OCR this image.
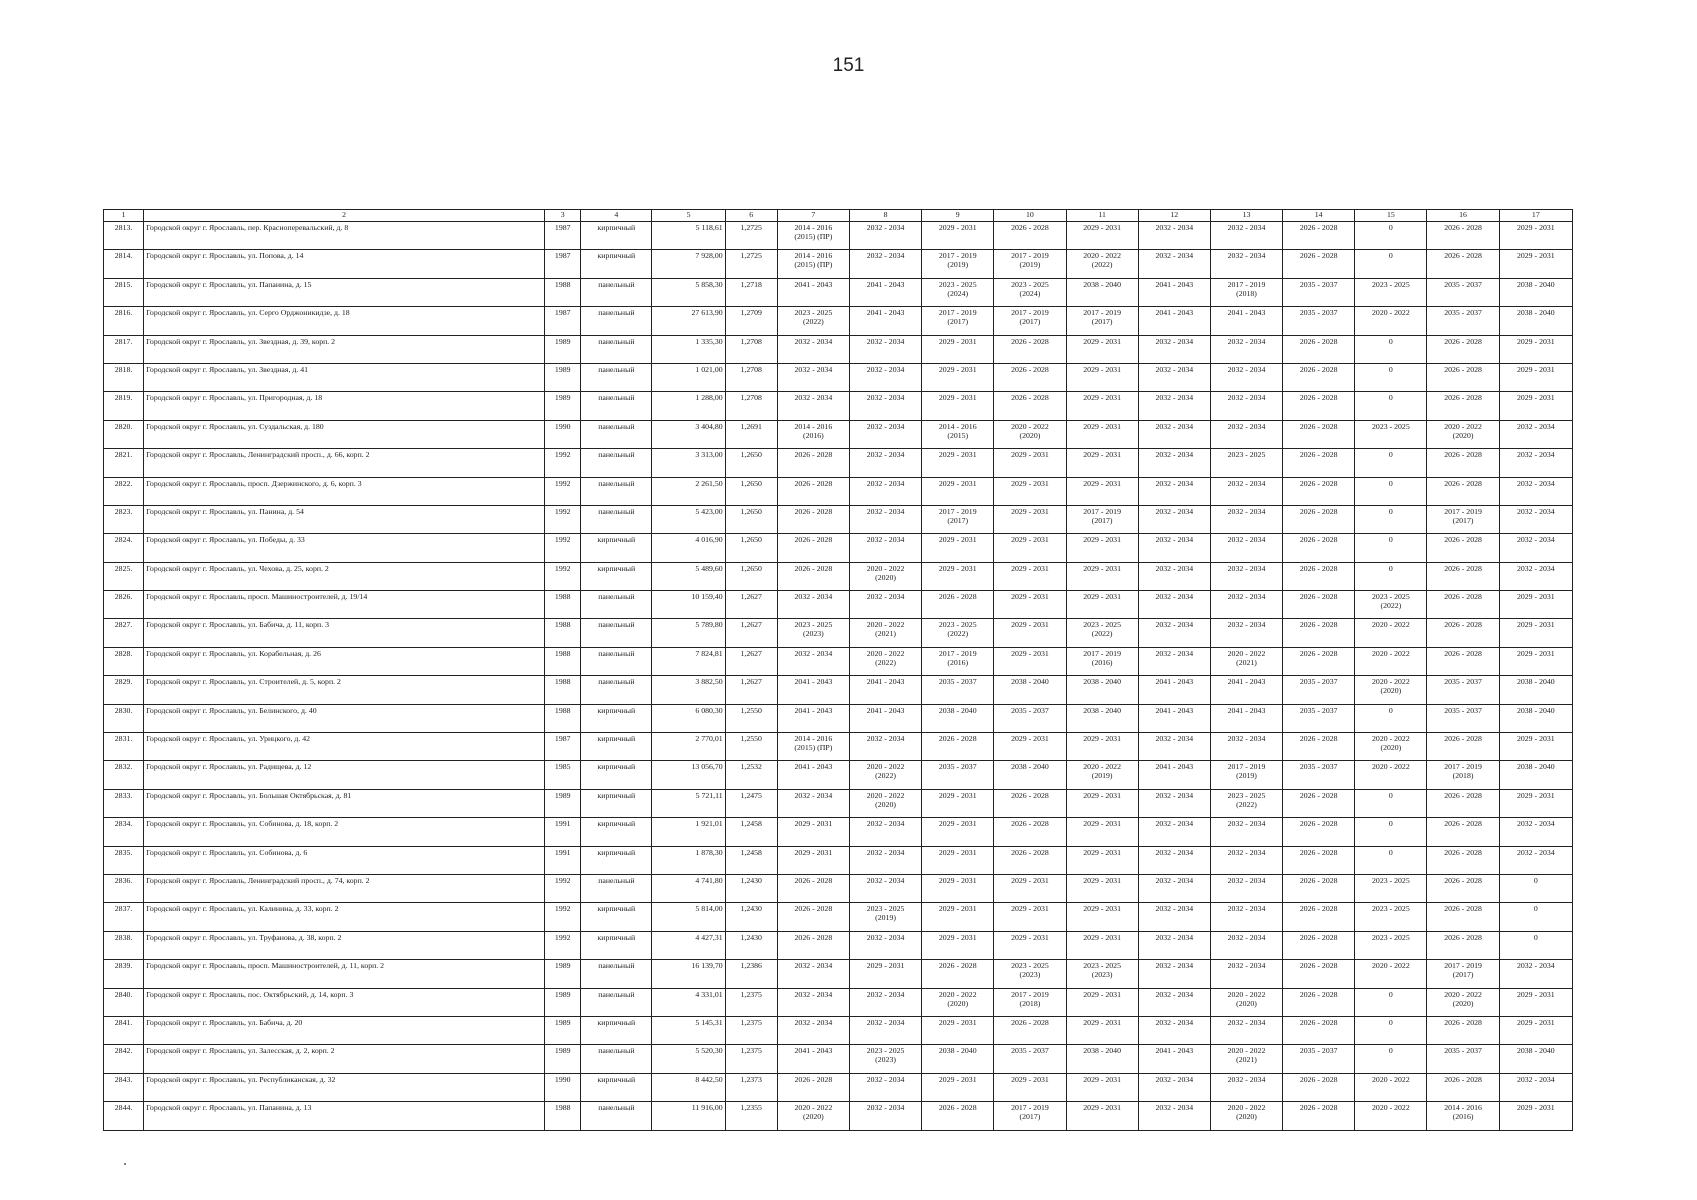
151
1	2	3	4	5	6	7	8	9	10	11	12	13	14	15	16	17
2813.	Городской округ г. Ярославль, пер. Красноперевальский, д. 8	1987	кирпичный	5 118,61	1,2725	2014 - 2016
(2015) (ПР)	2032 - 2034	2029 - 2031	2026 - 2028	2029 - 2031	2032 - 2034	2032 - 2034	2026 - 2028	0	2026 - 2028	2029 - 2031
2814.	Городской округ г. Ярославль, ул. Попова, д. 14	1987	кирпичный	7 928,00	1,2725	2014 - 2016
(2015) (ПР)	2032 - 2034	2017 - 2019
(2019)	2017 - 2019
(2019)	2020 - 2022
(2022)	2032 - 2034	2032 - 2034	2026 - 2028	0	2026 - 2028	2029 - 2031
2815.	Городской округ г. Ярославль, ул. Папанина, д. 15	1988	панельный	5 858,30	1,2718	2041 - 2043	2041 - 2043	2023 - 2025
(2024)	2023 - 2025
(2024)	2038 - 2040	2041 - 2043	2017 - 2019
(2018)	2035 - 2037	2023 - 2025	2035 - 2037	2038 - 2040
2816.	Городской округ г. Ярославль, ул. Серго Орджоникидзе, д. 18	1987	панельный	27 613,90	1,2709	2023 - 2025
(2022)	2041 - 2043	2017 - 2019
(2017)	2017 - 2019
(2017)	2017 - 2019
(2017)	2041 - 2043	2041 - 2043	2035 - 2037	2020 - 2022	2035 - 2037	2038 - 2040
2817.	Городской округ г. Ярославль, ул. Звездная, д. 39, корп. 2	1989	панельный	1 335,30	1,2708	2032 - 2034	2032 - 2034	2029 - 2031	2026 - 2028	2029 - 2031	2032 - 2034	2032 - 2034	2026 - 2028	0	2026 - 2028	2029 - 2031
2818.	Городской округ г. Ярославль, ул. Звездная, д. 41	1989	панельный	1 021,00	1,2708	2032 - 2034	2032 - 2034	2029 - 2031	2026 - 2028	2029 - 2031	2032 - 2034	2032 - 2034	2026 - 2028	0	2026 - 2028	2029 - 2031
2819.	Городской округ г. Ярославль, ул. Пригородная, д. 18	1989	панельный	1 288,00	1,2708	2032 - 2034	2032 - 2034	2029 - 2031	2026 - 2028	2029 - 2031	2032 - 2034	2032 - 2034	2026 - 2028	0	2026 - 2028	2029 - 2031
2820.	Городской округ г. Ярославль, ул. Суздальская, д. 180	1990	панельный	3 404,80	1,2691	2014 - 2016
(2016)	2032 - 2034	2014 - 2016
(2015)	2020 - 2022
(2020)	2029 - 2031	2032 - 2034	2032 - 2034	2026 - 2028	2023 - 2025	2020 - 2022
(2020)	2032 - 2034
2821.	Городской округ г. Ярославль, Ленинградский просп., д. 66, корп. 2	1992	панельный	3 313,00	1,2650	2026 - 2028	2032 - 2034	2029 - 2031	2029 - 2031	2029 - 2031	2032 - 2034	2023 - 2025	2026 - 2028	0	2026 - 2028	2032 - 2034
2822.	Городской округ г. Ярославль, просп. Дзержинского, д. 6, корп. 3	1992	панельный	2 261,50	1,2650	2026 - 2028	2032 - 2034	2029 - 2031	2029 - 2031	2029 - 2031	2032 - 2034	2032 - 2034	2026 - 2028	0	2026 - 2028	2032 - 2034
2823.	Городской округ г. Ярославль, ул. Панина, д. 54	1992	панельный	5 423,00	1,2650	2026 - 2028	2032 - 2034	2017 - 2019
(2017)	2029 - 2031	2017 - 2019
(2017)	2032 - 2034	2032 - 2034	2026 - 2028	0	2017 - 2019
(2017)	2032 - 2034
2824.	Городской округ г. Ярославль, ул. Победы, д. 33	1992	кирпичный	4 016,90	1,2650	2026 - 2028	2032 - 2034	2029 - 2031	2029 - 2031	2029 - 2031	2032 - 2034	2032 - 2034	2026 - 2028	0	2026 - 2028	2032 - 2034
2825.	Городской округ г. Ярославль, ул. Чехова, д. 25, корп. 2	1992	кирпичный	5 489,60	1,2650	2026 - 2028	2020 - 2022
(2020)	2029 - 2031	2029 - 2031	2029 - 2031	2032 - 2034	2032 - 2034	2026 - 2028	0	2026 - 2028	2032 - 2034
2826.	Городской округ г. Ярославль, просп. Машиностроителей, д. 19/14	1988	панельный	10 159,40	1,2627	2032 - 2034	2032 - 2034	2026 - 2028	2029 - 2031	2029 - 2031	2032 - 2034	2032 - 2034	2026 - 2028	2023 - 2025
(2022)	2026 - 2028	2029 - 2031
2827.	Городской округ г. Ярославль, ул. Бабича, д. 11, корп. 3	1988	панельный	5 789,80	1,2627	2023 - 2025
(2023)	2020 - 2022
(2021)	2023 - 2025
(2022)	2029 - 2031	2023 - 2025
(2022)	2032 - 2034	2032 - 2034	2026 - 2028	2020 - 2022	2026 - 2028	2029 - 2031
2828.	Городской округ г. Ярославль, ул. Корабельная, д. 26	1988	панельный	7 824,81	1,2627	2032 - 2034	2020 - 2022
(2022)	2017 - 2019
(2016)	2029 - 2031	2017 - 2019
(2016)	2032 - 2034	2020 - 2022
(2021)	2026 - 2028	2020 - 2022	2026 - 2028	2029 - 2031
2829.	Городской округ г. Ярославль, ул. Строителей, д. 5, корп. 2	1988	панельный	3 882,50	1,2627	2041 - 2043	2041 - 2043	2035 - 2037	2038 - 2040	2038 - 2040	2041 - 2043	2041 - 2043	2035 - 2037	2020 - 2022
(2020)	2035 - 2037	2038 - 2040
2830.	Городской округ г. Ярославль, ул. Белинского, д. 40	1988	кирпичный	6 080,30	1,2550	2041 - 2043	2041 - 2043	2038 - 2040	2035 - 2037	2038 - 2040	2041 - 2043	2041 - 2043	2035 - 2037	0	2035 - 2037	2038 - 2040
2831.	Городской округ г. Ярославль, ул. Урицкого, д. 42	1987	кирпичный	2 770,01	1,2550	2014 - 2016
(2015) (ПР)	2032 - 2034	2026 - 2028	2029 - 2031	2029 - 2031	2032 - 2034	2032 - 2034	2026 - 2028	2020 - 2022
(2020)	2026 - 2028	2029 - 2031
2832.	Городской округ г. Ярославль, ул. Радищева, д. 12	1985	кирпичный	13 056,70	1,2532	2041 - 2043	2020 - 2022
(2022)	2035 - 2037	2038 - 2040	2020 - 2022
(2019)	2041 - 2043	2017 - 2019
(2019)	2035 - 2037	2020 - 2022	2017 - 2019
(2018)	2038 - 2040
2833.	Городской округ г. Ярославль, ул. Большая Октябрьская, д. 81	1989	кирпичный	5 721,11	1,2475	2032 - 2034	2020 - 2022
(2020)	2029 - 2031	2026 - 2028	2029 - 2031	2032 - 2034	2023 - 2025
(2022)	2026 - 2028	0	2026 - 2028	2029 - 2031
2834.	Городской округ г. Ярославль, ул. Собинова, д. 18, корп. 2	1991	кирпичный	1 921,01	1,2458	2029 - 2031	2032 - 2034	2029 - 2031	2026 - 2028	2029 - 2031	2032 - 2034	2032 - 2034	2026 - 2028	0	2026 - 2028	2032 - 2034
2835.	Городской округ г. Ярославль, ул. Собинова, д. 6	1991	кирпичный	1 878,30	1,2458	2029 - 2031	2032 - 2034	2029 - 2031	2026 - 2028	2029 - 2031	2032 - 2034	2032 - 2034	2026 - 2028	0	2026 - 2028	2032 - 2034
2836.	Городской округ г. Ярославль, Ленинградский просп., д. 74, корп. 2	1992	панельный	4 741,80	1,2430	2026 - 2028	2032 - 2034	2029 - 2031	2029 - 2031	2029 - 2031	2032 - 2034	2032 - 2034	2026 - 2028	2023 - 2025	2026 - 2028	0
2837.	Городской округ г. Ярославль, ул. Калинина, д. 33, корп. 2	1992	кирпичный	5 814,00	1,2430	2026 - 2028	2023 - 2025
(2019)	2029 - 2031	2029 - 2031	2029 - 2031	2032 - 2034	2032 - 2034	2026 - 2028	2023 - 2025	2026 - 2028	0
2838.	Городской округ г. Ярославль, ул. Труфанова, д. 38, корп. 2	1992	кирпичный	4 427,31	1,2430	2026 - 2028	2032 - 2034	2029 - 2031	2029 - 2031	2029 - 2031	2032 - 2034	2032 - 2034	2026 - 2028	2023 - 2025	2026 - 2028	0
2839.	Городской округ г. Ярославль, просп. Машиностроителей, д. 11, корп. 2	1989	панельный	16 139,70	1,2386	2032 - 2034	2029 - 2031	2026 - 2028	2023 - 2025
(2023)	2023 - 2025
(2023)	2032 - 2034	2032 - 2034	2026 - 2028	2020 - 2022	2017 - 2019
(2017)	2032 - 2034
2840.	Городской округ г. Ярославль, пос. Октябрьский, д. 14, корп. 3	1989	панельный	4 331,01	1,2375	2032 - 2034	2032 - 2034	2020 - 2022
(2020)	2017 - 2019
(2018)	2029 - 2031	2032 - 2034	2020 - 2022
(2020)	2026 - 2028	0	2020 - 2022
(2020)	2029 - 2031
2841.	Городской округ г. Ярославль, ул. Бабича, д. 20	1989	кирпичный	5 145,31	1,2375	2032 - 2034	2032 - 2034	2029 - 2031	2026 - 2028	2029 - 2031	2032 - 2034	2032 - 2034	2026 - 2028	0	2026 - 2028	2029 - 2031
2842.	Городской округ г. Ярославль, ул. Залесская, д. 2, корп. 2	1989	панельный	5 520,30	1,2375	2041 - 2043	2023 - 2025
(2023)	2038 - 2040	2035 - 2037	2038 - 2040	2041 - 2043	2020 - 2022
(2021)	2035 - 2037	0	2035 - 2037	2038 - 2040
2843.	Городской округ г. Ярославль, ул. Республиканская, д. 32	1990	кирпичный	8 442,50	1,2373	2026 - 2028	2032 - 2034	2029 - 2031	2029 - 2031	2029 - 2031	2032 - 2034	2032 - 2034	2026 - 2028	2020 - 2022	2026 - 2028	2032 - 2034
2844.	Городской округ г. Ярославль, ул. Папанина, д. 13	1988	панельный	11 916,00	1,2355	2020 - 2022
(2020)	2032 - 2034	2026 - 2028	2017 - 2019
(2017)	2029 - 2031	2032 - 2034	2020 - 2022
(2020)	2026 - 2028	2020 - 2022	2014 - 2016
(2016)	2029 - 2031
